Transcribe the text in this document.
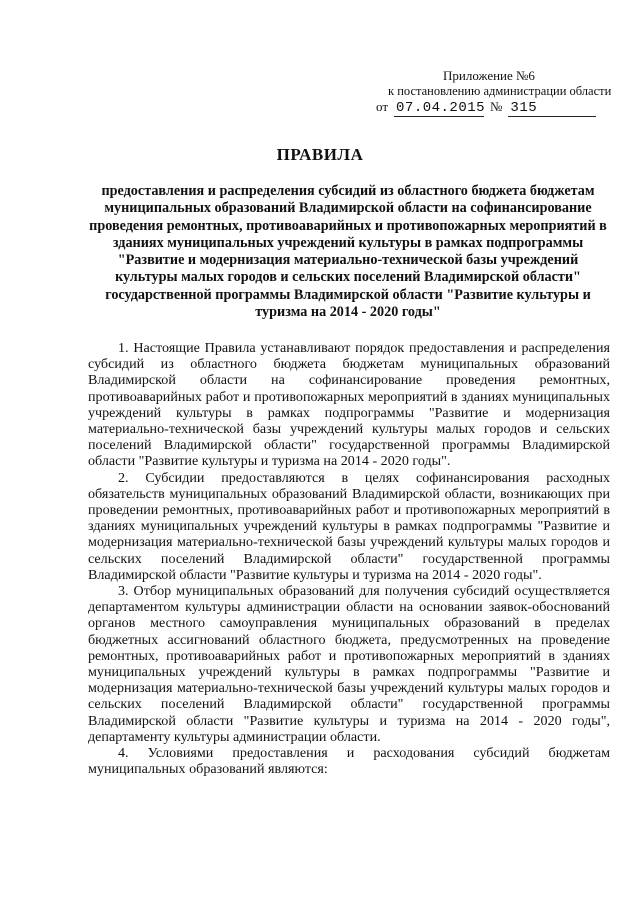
Приложение №6
к постановлению администрации области
от 07.04.2015 № 315
ПРАВИЛА
предоставления и распределения субсидий из областного бюджета бюджетам муниципальных образований Владимирской области на софинансирование проведения ремонтных, противоаварийных и противопожарных мероприятий в зданиях муниципальных учреждений культуры в рамках подпрограммы "Развитие и модернизация материально-технической базы учреждений культуры малых городов и сельских поселений Владимирской области" государственной программы Владимирской области "Развитие культуры и туризма на 2014 - 2020 годы"

1. Настоящие Правила устанавливают порядок предоставления и распределения субсидий из областного бюджета бюджетам муниципальных образований Владимирской области на софинансирование проведения ремонтных, противоаварийных работ и противопожарных мероприятий в зданиях муниципальных учреждений культуры в рамках подпрограммы "Развитие и модернизация материально-технической базы учреждений культуры малых городов и сельских поселений Владимирской области" государственной программы Владимирской области "Развитие культуры и туризма на 2014 - 2020 годы".

2. Субсидии предоставляются в целях софинансирования расходных обязательств муниципальных образований Владимирской области, возникающих при проведении ремонтных, противоаварийных работ и противопожарных мероприятий в зданиях муниципальных учреждений культуры в рамках подпрограммы "Развитие и модернизация материально-технической базы учреждений культуры малых городов и сельских поселений Владимирской области" государственной программы Владимирской области "Развитие культуры и туризма на 2014 - 2020 годы".

3. Отбор муниципальных образований для получения субсидий осуществляется департаментом культуры администрации области на основании заявок-обоснований органов местного самоуправления муниципальных образований в пределах бюджетных ассигнований областного бюджета, предусмотренных на проведение ремонтных, противоаварийных работ и противопожарных мероприятий в зданиях муниципальных учреждений культуры в рамках подпрограммы "Развитие и модернизация материально-технической базы учреждений культуры малых городов и сельских поселений Владимирской области" государственной программы Владимирской области "Развитие культуры и туризма на 2014 - 2020 годы", департаменту культуры администрации области.

4. Условиями предоставления и расходования субсидий бюджетам муниципальных образований являются:
